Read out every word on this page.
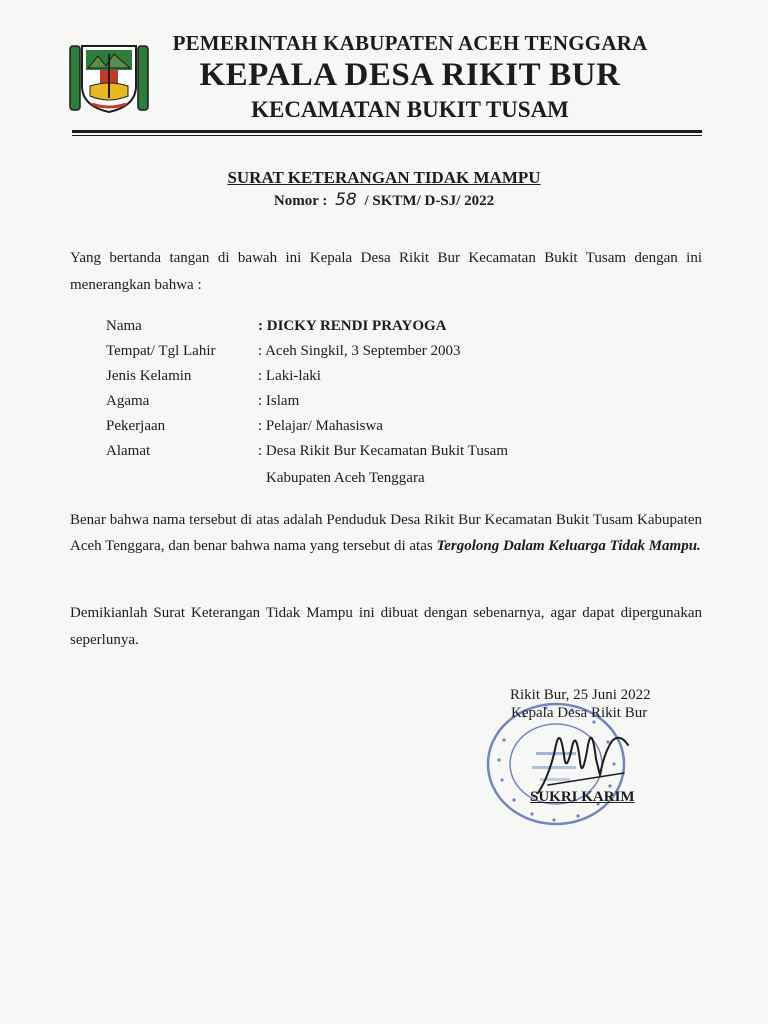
PEMERINTAH KABUPATEN ACEH TENGGARA
KEPALA DESA RIKIT BUR
KECAMATAN BUKIT TUSAM
SURAT KETERANGAN TIDAK MAMPU
Nomor : 58 / SKTM/ D-SJ/ 2022
Yang bertanda tangan di bawah ini Kepala Desa Rikit Bur Kecamatan Bukit Tusam dengan ini menerangkan bahwa :
Nama	: DICKY RENDI PRAYOGA
Tempat/ Tgl Lahir	: Aceh Singkil, 3 September 2003
Jenis Kelamin	: Laki-laki
Agama	: Islam
Pekerjaan	: Pelajar/ Mahasiswa
Alamat	: Desa Rikit Bur Kecamatan Bukit Tusam
Kabupaten Aceh Tenggara
Benar bahwa nama tersebut di atas adalah Penduduk Desa Rikit Bur Kecamatan Bukit Tusam Kabupaten Aceh Tenggara, dan benar bahwa nama yang tersebut di atas Tergolong Dalam Keluarga Tidak Mampu.
Demikianlah Surat Keterangan Tidak Mampu ini dibuat dengan sebenarnya, agar dapat dipergunakan seperlunya.
Rikit Bur, 25 Juni 2022
Kepala Desa Rikit Bur
SUKRI KARIM
